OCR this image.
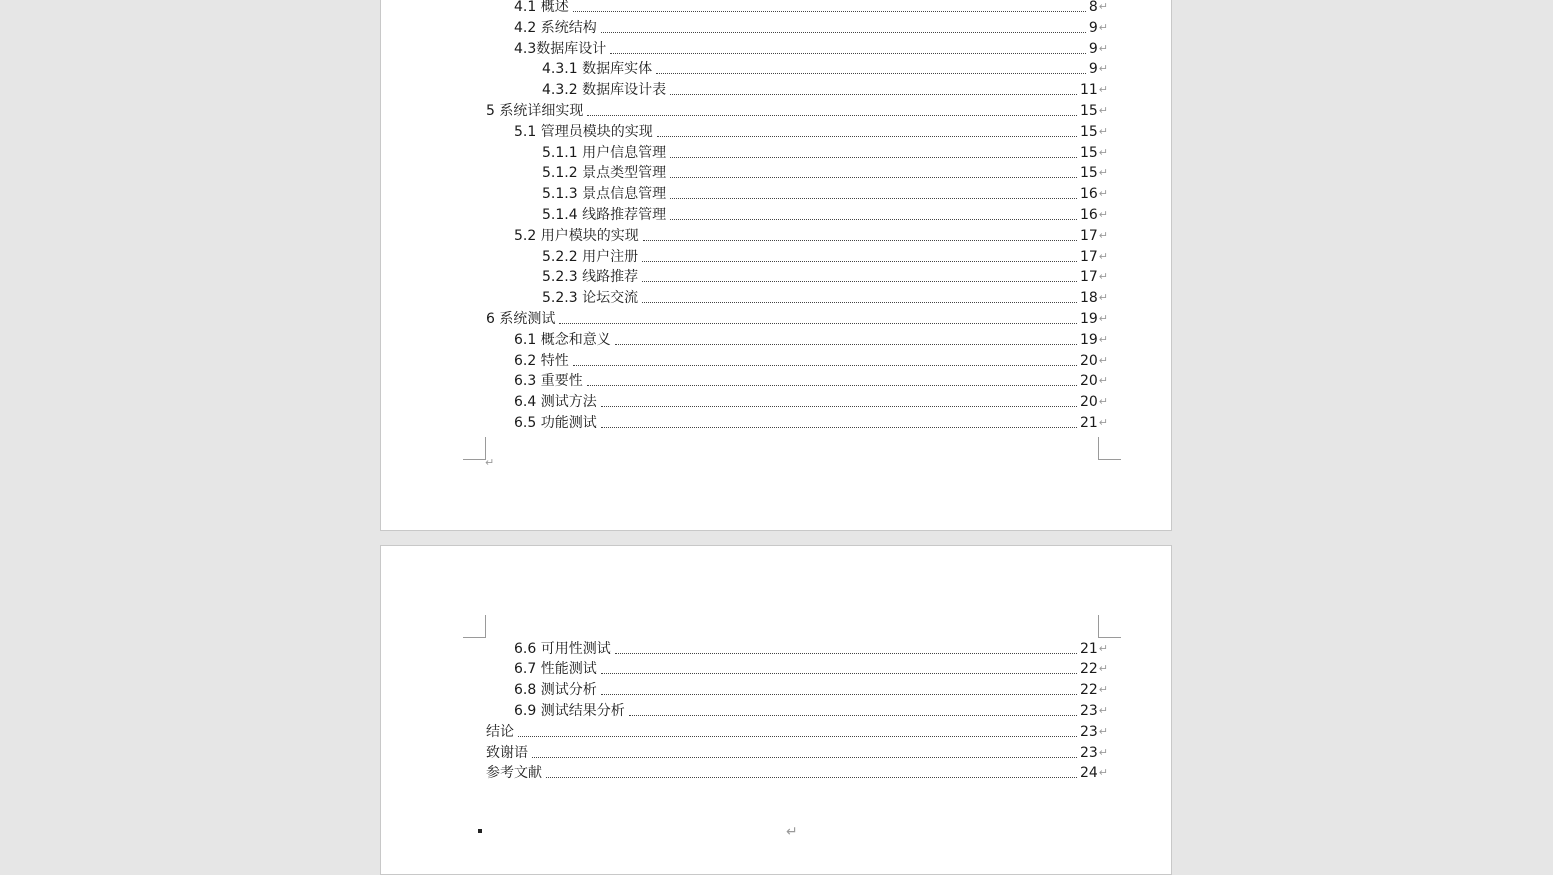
↵
↵
4.1 概述	8 ↵
4.2 系统结构	9 ↵
4.3数据库设计	9 ↵
4.3.1 数据库实体	9 ↵
4.3.2 数据库设计表	11 ↵
5 系统详细实现	15 ↵
5.1 管理员模块的实现	15 ↵
5.1.1 用户信息管理	15 ↵
5.1.2 景点类型管理	15 ↵
5.1.3 景点信息管理	16 ↵
5.1.4 线路推荐管理	16 ↵
5.2 用户模块的实现	17 ↵
5.2.2 用户注册	17 ↵
5.2.3 线路推荐	17 ↵
5.2.3 论坛交流	18 ↵
6 系统测试	19 ↵
6.1 概念和意义	19 ↵
6.2 特性	20 ↵
6.3 重要性	20 ↵
6.4 测试方法	20 ↵
6.5 功能测试	21 ↵
6.6 可用性测试	21 ↵
6.7 性能测试	22 ↵
6.8 测试分析	22 ↵
6.9 测试结果分析	23 ↵
结论	23 ↵
致谢语	23 ↵
参考文献	24 ↵
